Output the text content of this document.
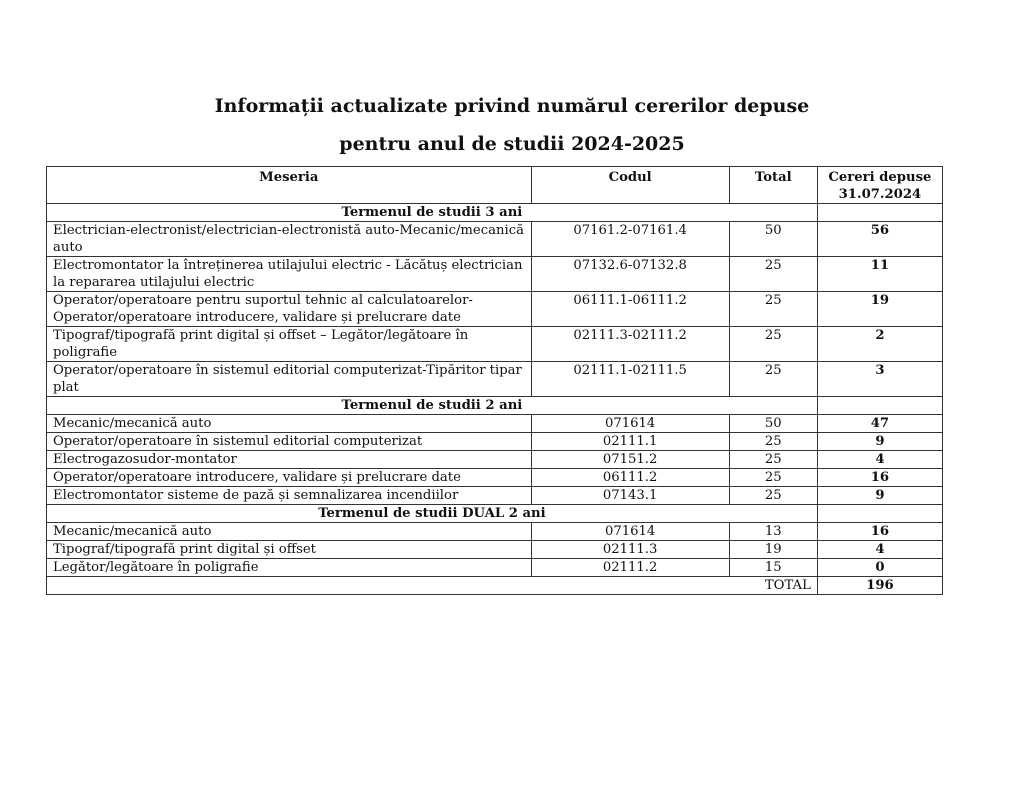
Informații actualizate privind numărul cererilor depuse
pentru anul de studii 2024-2025
Meseria	Codul	Total	Cereri depuse
31.07.2024
Termenul de studii 3 ani			
Electrician-electronist/electrician-electronistă auto-Mecanic/mecanică auto	07161.2-07161.4	50	56
Electromontator la întreținerea utilajului electric - Lăcătuș electrician la repararea utilajului electric	07132.6-07132.8	25	11
Operator/operatoare pentru suportul tehnic al calculatoarelor-Operator/operatoare introducere, validare și prelucrare date	06111.1-06111.2	25	19
Tipograf/tipografă print digital și offset – Legător/legătoare în poligrafie	02111.3-02111.2	25	2
Operator/operatoare în sistemul editorial computerizat-Tipăritor tipar plat	02111.1-02111.5	25	3
Termenul de studii 2 ani			
Mecanic/mecanică auto	071614	50	47
Operator/operatoare în sistemul editorial computerizat	02111.1	25	9
Electrogazosudor-montator	07151.2	25	4
Operator/operatoare introducere, validare și prelucrare date	06111.2	25	16
Electromontator sisteme de pază și semnalizarea incendiilor	07143.1	25	9
Termenul de studii DUAL 2 ani			
Mecanic/mecanică auto	071614	13	16
Tipograf/tipografă print digital și offset	02111.3	19	4
Legător/legătoare în poligrafie	02111.2	15	0
TOTAL			196
